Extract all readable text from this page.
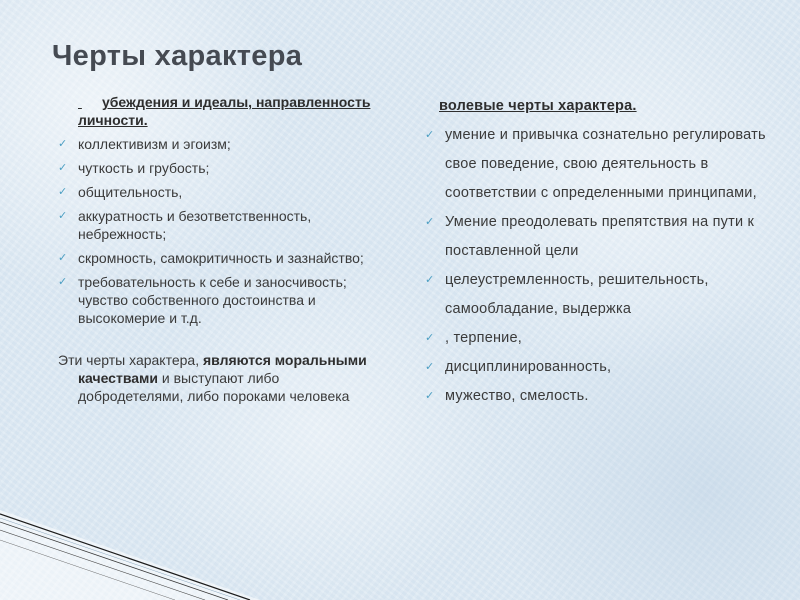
Черты характера
убеждения и идеалы, направленность личности.
✓ коллективизм и эгоизм;
✓ чуткость и грубость;
✓ общительность,
✓ аккуратность и безответственность, небрежность;
✓ скромность, самокритичность и зазнайство;
✓ требовательность к себе и заносчивость; чувство собственного достоинства и высокомерие и т.д.
Эти черты характера, являются моральными качествами и выступают либо добродетелями, либо пороками человека
волевые черты характера.
✓ умение и привычка сознательно регулировать свое поведение, свою деятельность в соответствии с определенными принципами,
✓ Умение преодолевать препятствия на пути к поставленной цели
✓ целеустремленность, решительность, самообладание, выдержка
✓ , терпение,
✓ дисциплинированность,
✓ мужество, смелость.
